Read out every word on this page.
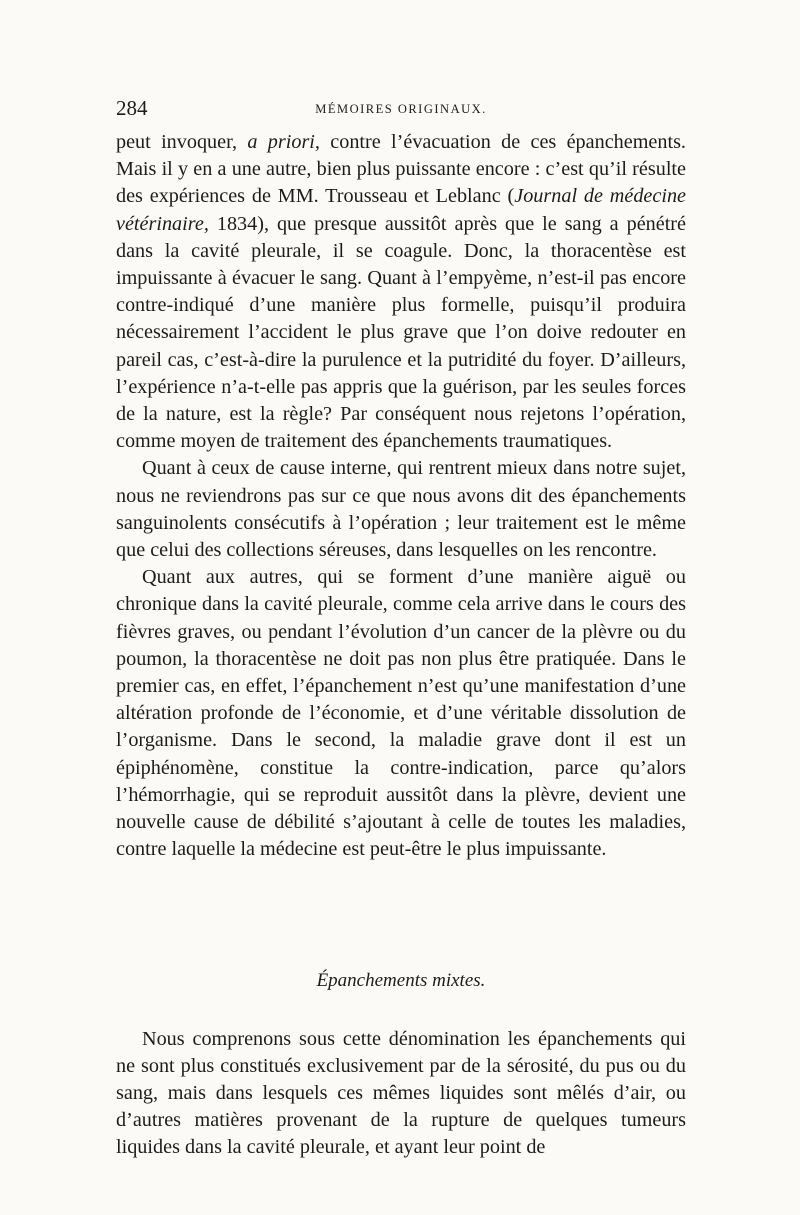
284	MÉMOIRES ORIGINAUX.

peut invoquer, a priori, contre l’évacuation de ces épanchements. Mais il y en a une autre, bien plus puissante encore : c’est qu’il résulte des expériences de MM. Trousseau et Leblanc (Journal de médecine vétérinaire, 1834), que presque aussitôt après que le sang a pénétré dans la cavité pleurale, il se coagule. Donc, la thoracentèse est impuissante à évacuer le sang. Quant à l’empyème, n’est-il pas encore contre-indiqué d’une manière plus formelle, puisqu’il produira nécessairement l’accident le plus grave que l’on doive redouter en pareil cas, c’est-à-dire la purulence et la putridité du foyer. D’ailleurs, l’expérience n’a-t-elle pas appris que la guérison, par les seules forces de la nature, est la règle? Par conséquent nous rejetons l’opération, comme moyen de traitement des épanchements traumatiques.

Quant à ceux de cause interne, qui rentrent mieux dans notre sujet, nous ne reviendrons pas sur ce que nous avons dit des épanchements sanguinolents consécutifs à l’opération ; leur traitement est le même que celui des collections séreuses, dans lesquelles on les rencontre.

Quant aux autres, qui se forment d’une manière aiguë ou chronique dans la cavité pleurale, comme cela arrive dans le cours des fièvres graves, ou pendant l’évolution d’un cancer de la plèvre ou du poumon, la thoracentèse ne doit pas non plus être pratiquée. Dans le premier cas, en effet, l’épanchement n’est qu’une manifestation d’une altération profonde de l’économie, et d’une véritable dissolution de l’organisme. Dans le second, la maladie grave dont il est un épiphénomène, constitue la contre-indication, parce qu’alors l’hémorrhagie, qui se reproduit aussitôt dans la plèvre, devient une nouvelle cause de débilité s’ajoutant à celle de toutes les maladies, contre laquelle la médecine est peut-être le plus impuissante.

Épanchements mixtes.

Nous comprenons sous cette dénomination les épanchements qui ne sont plus constitués exclusivement par de la sérosité, du pus ou du sang, mais dans lesquels ces mêmes liquides sont mêlés d’air, ou d’autres matières provenant de la rupture de quelques tumeurs liquides dans la cavité pleurale, et ayant leur point de
